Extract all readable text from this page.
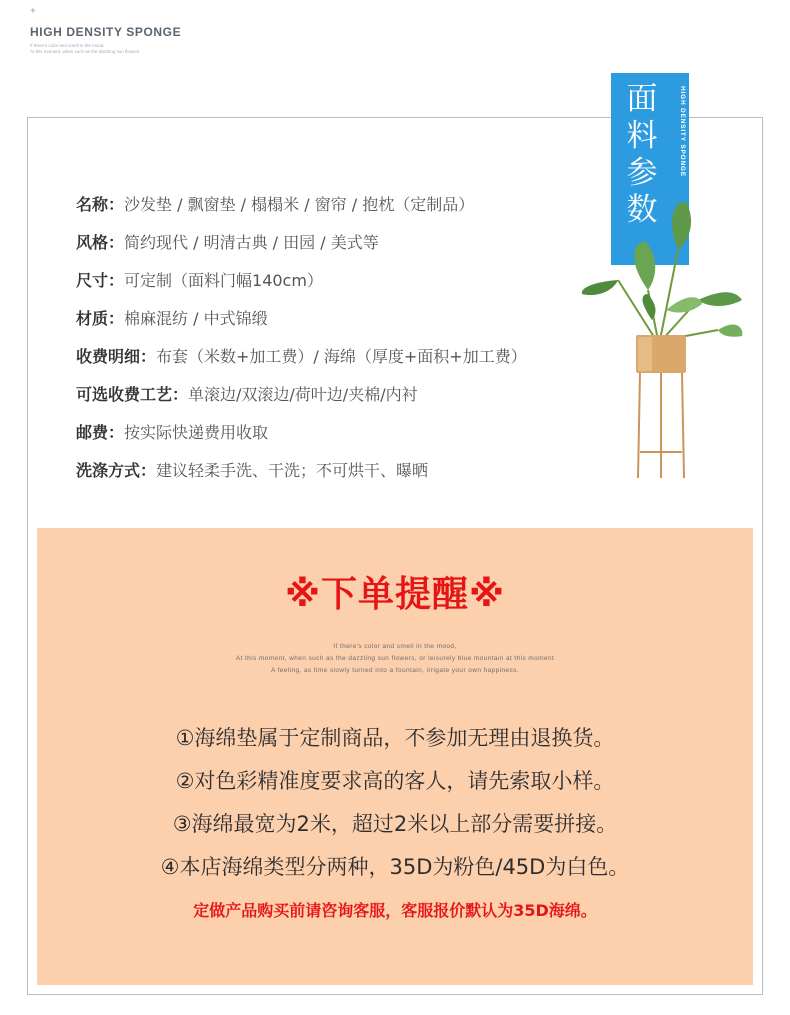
+
HIGH DENSITY SPONGE
If there's color and smell in the mood,
At this moment, when such as the dazzling sun flowers
名称： 沙发垫 / 飘窗垫 / 榻榻米 / 窗帘 / 抱枕（定制品）
风格： 简约现代 / 明清古典 / 田园 / 美式等
尺寸： 可定制（面料门幅140cm）
材质： 棉麻混纺 / 中式锦缎
收费明细： 布套（米数+加工费）/ 海绵（厚度+面积+加工费）
可选收费工艺： 单滚边/双滚边/荷叶边/夹棉/内衬
邮费： 按实际快递费用收取
洗涤方式： 建议轻柔手洗、干洗；不可烘干、曝晒
面
料
参
数
+
HIGH DENSITY SPONGE
※下单提醒※
If there's color and smell in the mood,
At this moment, when such as the dazzling sun flowers, or leisurely blue mountain at this moment
A feeling, as time slowly turned into a fountain, irrigate your own happiness.
①海绵垫属于定制商品，不参加无理由退换货。
②对色彩精准度要求高的客人，请先索取小样。
③海绵最宽为2米，超过2米以上部分需要拼接。
④本店海绵类型分两种，35D为粉色/45D为白色。
定做产品购买前请咨询客服，客服报价默认为35D海绵。
